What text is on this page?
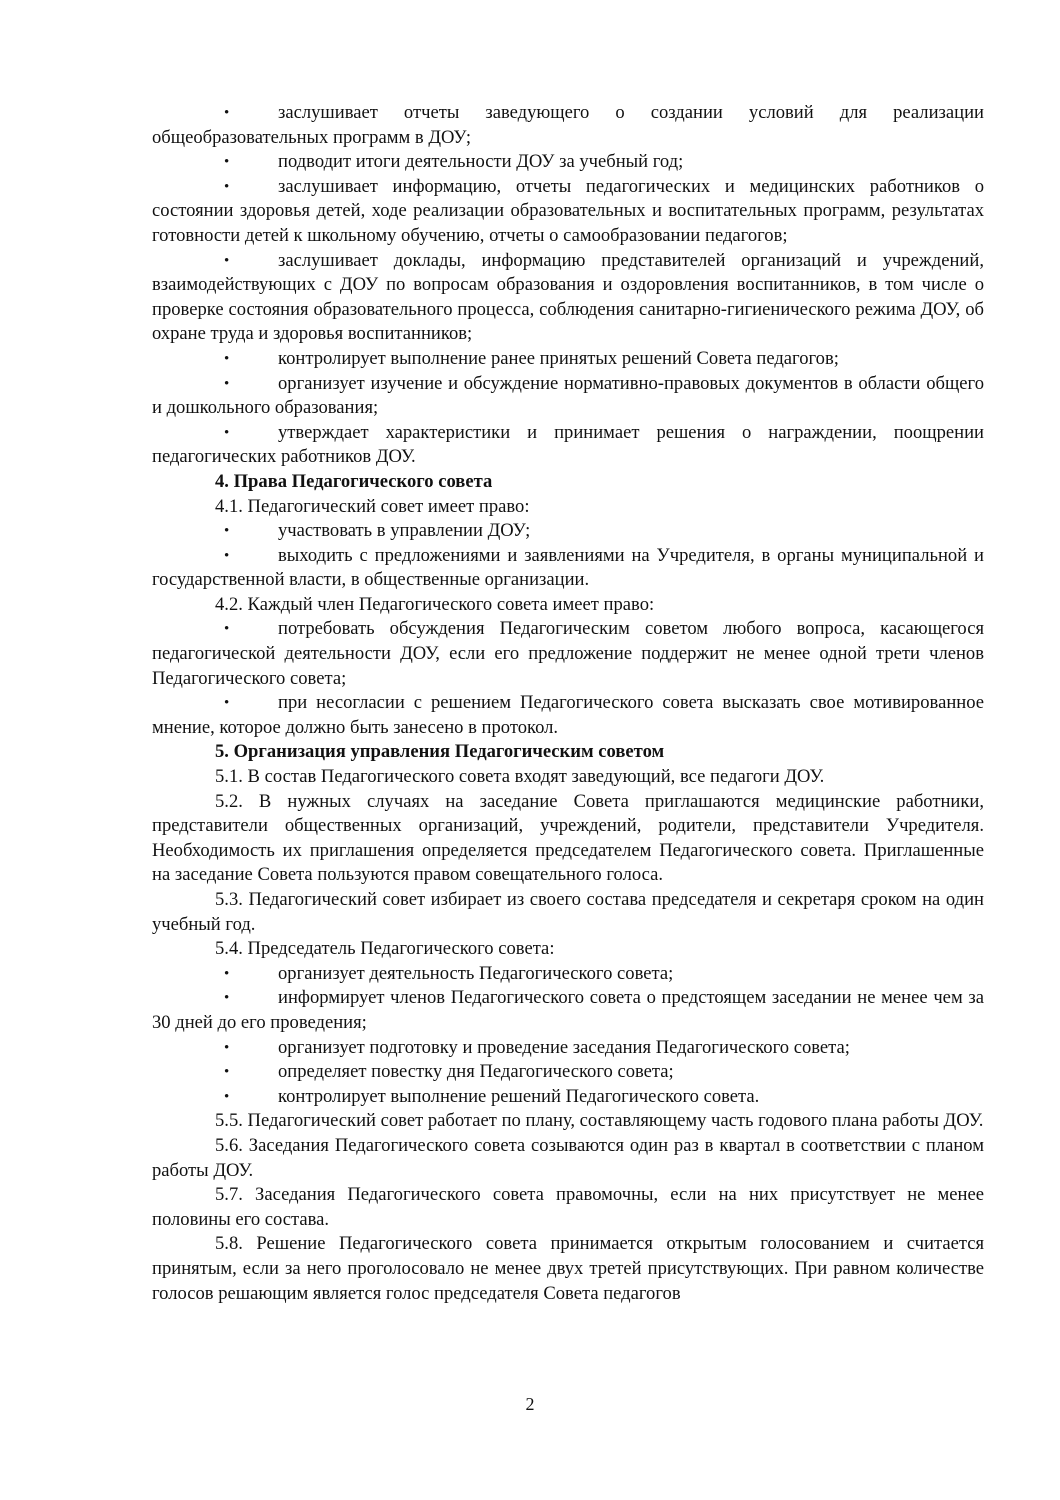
•	заслушивает отчеты заведующего о создании условий для реализации общеобразовательных программ в ДОУ;

•	подводит итоги деятельности ДОУ за учебный год;

•	заслушивает информацию, отчеты педагогических и медицинских работников о состоянии здоровья детей, ходе реализации образовательных и воспитательных программ, результатах готовности детей к школьному обучению, отчеты о самообразовании педагогов;

•	заслушивает доклады, информацию представителей организаций и учреждений, взаимодействующих с ДОУ по вопросам образования и оздоровления воспитанников, в том числе о проверке состояния образовательного процесса, соблюдения санитарно-гигиенического режима ДОУ, об охране труда и здоровья воспитанников;

•	контролирует выполнение ранее принятых решений Совета педагогов;

•	организует изучение и обсуждение нормативно-правовых документов в области общего и дошкольного образования;

•	утверждает характеристики и принимает решения о награждении, поощрении педагогических работников ДОУ.

4. Права Педагогического совета

4.1. Педагогический совет имеет право:

•	участвовать в управлении ДОУ;

•	выходить с предложениями и заявлениями на Учредителя, в органы муниципальной и государственной власти, в общественные организации.

4.2. Каждый член Педагогического совета имеет право:

•	потребовать обсуждения Педагогическим советом любого вопроса, касающегося педагогической деятельности ДОУ, если его предложение поддержит не менее одной трети членов Педагогического совета;

•	при несогласии с решением Педагогического совета высказать свое мотивированное мнение, которое должно быть занесено в протокол.

5. Организация управления Педагогическим советом

5.1. В состав Педагогического совета входят заведующий, все педагоги ДОУ.

5.2. В нужных случаях на заседание Совета приглашаются медицинские работники, представители общественных организаций, учреждений, родители, представители Учредителя. Необходимость их приглашения определяется председателем Педагогического совета. Приглашенные на заседание Совета пользуются правом совещательного голоса.

5.3. Педагогический совет избирает из своего состава председателя и секретаря сроком на один учебный год.

5.4. Председатель Педагогического совета:

•	организует деятельность Педагогического совета;

•	информирует членов Педагогического совета о предстоящем заседании не менее чем за 30 дней до его проведения;

•	организует подготовку и проведение заседания Педагогического совета;

•	определяет повестку дня Педагогического совета;

•	контролирует выполнение решений Педагогического совета.

5.5. Педагогический совет работает по плану, составляющему часть годового плана работы ДОУ.

5.6. Заседания Педагогического совета созываются один раз в квартал в соответствии с планом работы ДОУ.

5.7. Заседания Педагогического совета правомочны, если на них присутствует не менее половины его состава.

5.8. Решение Педагогического совета принимается открытым голосованием и считается принятым, если за него проголосовало не менее двух третей присутствующих. При равном количестве голосов решающим является голос председателя Совета педагогов

2
